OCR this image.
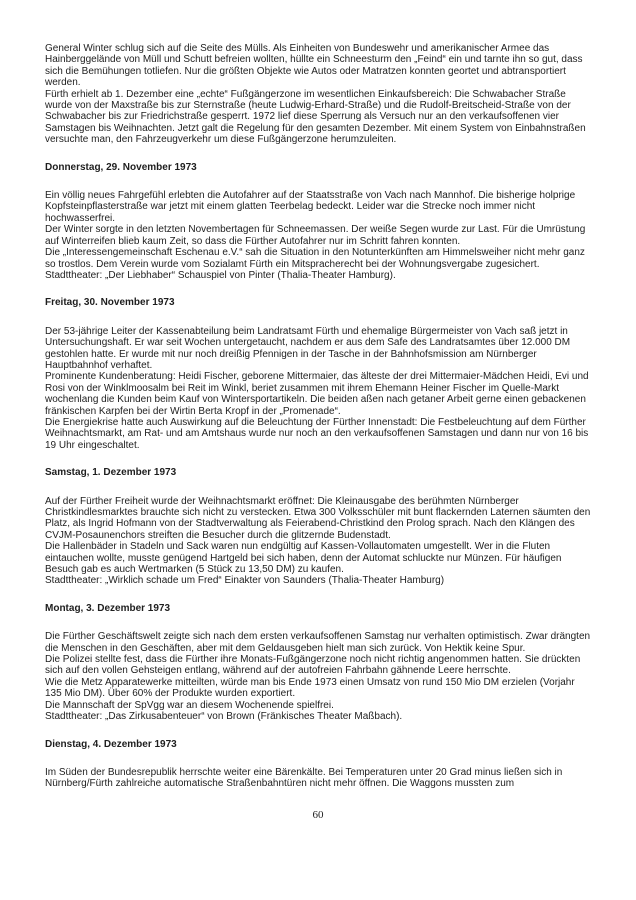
General Winter schlug sich auf die Seite des Mülls. Als Einheiten von Bundeswehr und amerikanischer Armee das Hainberggelände von Müll und Schutt befreien wollten, hüllte ein Schneesturm den „Feind“ ein und tarnte ihn so gut, dass sich die Bemühungen totliefen. Nur die größten Objekte wie Autos oder Matratzen konnten geortet und abtransportiert werden.

Fürth erhielt ab 1. Dezember eine „echte“ Fußgängerzone im wesentlichen Einkaufsbereich: Die Schwabacher Straße wurde von der Maxstraße bis zur Sternstraße (heute Ludwig-Erhard-Straße) und die Rudolf-Breitscheid-Straße von der Schwabacher bis zur Friedrichstraße gesperrt. 1972 lief diese Sperrung als Versuch nur an den verkaufsoffenen vier Samstagen bis Weihnachten. Jetzt galt die Regelung für den gesamten Dezember. Mit einem System von Einbahnstraßen versuchte man, den Fahrzeugverkehr um diese Fußgängerzone herumzuleiten.

Donnerstag, 29. November 1973

Ein völlig neues Fahrgefühl erlebten die Autofahrer auf der Staatsstraße von Vach nach Mannhof. Die bisherige holprige Kopfsteinpflasterstraße war jetzt mit einem glatten Teerbelag bedeckt. Leider war die Strecke noch immer nicht hochwasserfrei.

Der Winter sorgte in den letzten Novembertagen für Schneemassen. Der weiße Segen wurde zur Last. Für die Umrüstung auf Winterreifen blieb kaum Zeit, so dass die Fürther Autofahrer nur im Schritt fahren konnten.

Die „Interessengemeinschaft Eschenau e.V.“ sah die Situation in den Notunterkünften am Himmelsweiher nicht mehr ganz so trostlos. Dem Verein wurde vom Sozialamt Fürth ein Mitspracherecht bei der Wohnungsvergabe zugesichert.

Stadttheater: „Der Liebhaber“ Schauspiel von Pinter (Thalia-Theater Hamburg).

Freitag, 30. November 1973

Der 53-jährige Leiter der Kassenabteilung beim Landratsamt Fürth und ehemalige Bürgermeister von Vach saß jetzt in Untersuchungshaft. Er war seit Wochen untergetaucht, nachdem er aus dem Safe des Landratsamtes über 12.000 DM gestohlen hatte. Er wurde mit nur noch dreißig Pfennigen in der Tasche in der Bahnhofsmission am Nürnberger Hauptbahnhof verhaftet.

Prominente Kundenberatung: Heidi Fischer, geborene Mittermaier, das älteste der drei Mittermaier-Mädchen Heidi, Evi und Rosi von der Winklmoosalm bei Reit im Winkl, beriet zusammen mit ihrem Ehemann Heiner Fischer im Quelle-Markt wochenlang die Kunden beim Kauf von Wintersportartikeln. Die beiden aßen nach getaner Arbeit gerne einen gebackenen fränkischen Karpfen bei der Wirtin Berta Kropf in der „Promenade“.

Die Energiekrise hatte auch Auswirkung auf die Beleuchtung der Fürther Innenstadt: Die Festbeleuchtung auf dem Fürther Weihnachtsmarkt, am Rat- und am Amtshaus wurde nur noch an den verkaufsoffenen Samstagen und dann nur von 16 bis 19 Uhr eingeschaltet.

Samstag, 1. Dezember 1973

Auf der Fürther Freiheit wurde der Weihnachtsmarkt eröffnet: Die Kleinausgabe des berühmten Nürnberger Christkindlesmarktes brauchte sich nicht zu verstecken. Etwa 300 Volksschüler mit bunt flackernden Laternen säumten den Platz, als Ingrid Hofmann von der Stadtverwaltung als Feierabend-Christkind den Prolog sprach. Nach den Klängen des CVJM-Posaunenchors streiften die Besucher durch die glitzernde Budenstadt.

Die Hallenbäder in Stadeln und Sack waren nun endgültig auf Kassen-Vollautomaten umgestellt. Wer in die Fluten eintauchen wollte, musste genügend Hartgeld bei sich haben, denn der Automat schluckte nur Münzen. Für häufigen Besuch gab es auch Wertmarken (5 Stück zu 13,50 DM) zu kaufen.

Stadttheater: „Wirklich schade um Fred“ Einakter von Saunders (Thalia-Theater Hamburg)

Montag, 3. Dezember 1973

Die Fürther Geschäftswelt zeigte sich nach dem ersten verkaufsoffenen Samstag nur verhalten optimistisch. Zwar drängten die Menschen in den Geschäften, aber mit dem Geldausgeben hielt man sich zurück. Von Hektik keine Spur.

Die Polizei stellte fest, dass die Fürther ihre Monats-Fußgängerzone noch nicht richtig angenommen hatten. Sie drückten sich auf den vollen Gehsteigen entlang, während auf der autofreien Fahrbahn gähnende Leere herrschte.

Wie die Metz Apparatewerke mitteilten, würde man bis Ende 1973 einen Umsatz von rund 150 Mio DM erzielen (Vorjahr 135 Mio DM). Über 60% der Produkte wurden exportiert.

Die Mannschaft der SpVgg war an diesem Wochenende spielfrei.

Stadttheater: „Das Zirkusabenteuer“ von Brown (Fränkisches Theater Maßbach).

Dienstag, 4. Dezember 1973

Im Süden der Bundesrepublik herrschte weiter eine Bärenkälte. Bei Temperaturen unter 20 Grad minus ließen sich in Nürnberg/Fürth zahlreiche automatische Straßenbahntüren nicht mehr öffnen. Die Waggons mussten zum

60
